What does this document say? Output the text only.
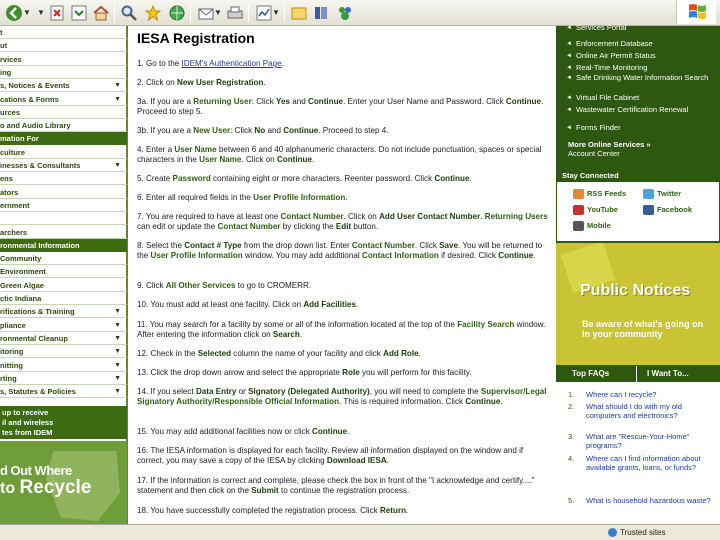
▼ ▼	▼	▼
t
ut
rvices
ing
s, Notices & Events	▼
cations & Forms	▼
urces
o and Audio Library
mation For
culture
inesses & Consultants	▼
ens
ators
ernment
archers
ronmental Information
Community
Environment
Green Algae
ctic Indiana
rifications & Training	▼
pliance	▼
ronmental Cleanup	▼
itoring	▼
nitting	▼
rting	▼
s, Statutes & Policies	▼
up to receive
il and wireless
tes from IDEM
d Out Where
to Recycle
IESA Registration
1. Go to the IDEM's Authentication Page.
2. Click on New User Registration.
3a. If you are a Returning User: Click Yes and Continue. Enter your User Name and Password. Click Continue. Proceed to step 5.
3b. If you are a New User: Click No and Continue. Proceed to step 4.
4. Enter a User Name between 6 and 40 alphanumeric characters. Do not include punctuation, spaces or special characters in the User Name. Click on Continue.
5. Create Password containing eight or more characters. Reenter password. Click Continue.
6. Enter all required fields in the User Profile Information.
7. You are required to have at least one Contact Number. Click on Add User Contact Number. Returning Users can edit or update the Contact Number by clicking the Edit button.
8. Select the Contact # Type from the drop down list. Enter Contact Number. Click Save. You will be returned to the User Profile Information window. You may add additional Contact Information if desired. Click Continue.
9. Click All Other Services to go to CROMERR.
10. You must add at least one facility. Click on Add Facilities.
11. You may search for a facility by some or all of the information located at the top of the Facility Search window. After entering the information click on Search.
12. Check in the Selected column the name of your facility and click Add Role.
13. Click the drop down arrow and select the appropriate Role you will perform for this facility.
14. If you select Data Entry or Signatory (Delegated Authority), you will need to complete the Supervisor/Legal Signatory Authority/Responsible Official Information. This is required information. Click Continue.
15. You may add additional facilities now or click Continue.
16. The IESA information is displayed for each facility. Review all information displayed on the window and if correct, you may save a copy of the IESA by clicking Download IESA.
17. If the information is correct and complete, please check the box in front of the "I acknowledge and certify...." statement and then click on the Submit to continue the registration process.
18. You have successfully completed the registration process. Click Return.
◄ Services Portal
◄ Enforcement Database
◄ Online Air Permit Status
◄ Real-Time Monitoring
◄ Safe Drinking Water Information Search
◄ Virtual File Cabinet
◄ Wastewater Certification Renewal
◄ Forms Finder
More Online Services »
Account Center
Stay Connected
RSS Feeds	Twitter
YouTube	Facebook
Mobile
Public Notices
Be aware of what's going on in your community
Top FAQs	I Want To...
1. Where can I recycle?
2. What should I do with my old computers and electronics?
3. What are "Rescue-Your-Home" programs?
4. Where can I find information about available grants, loans, or funds?
5. What is household hazardous waste?
Trusted sites
